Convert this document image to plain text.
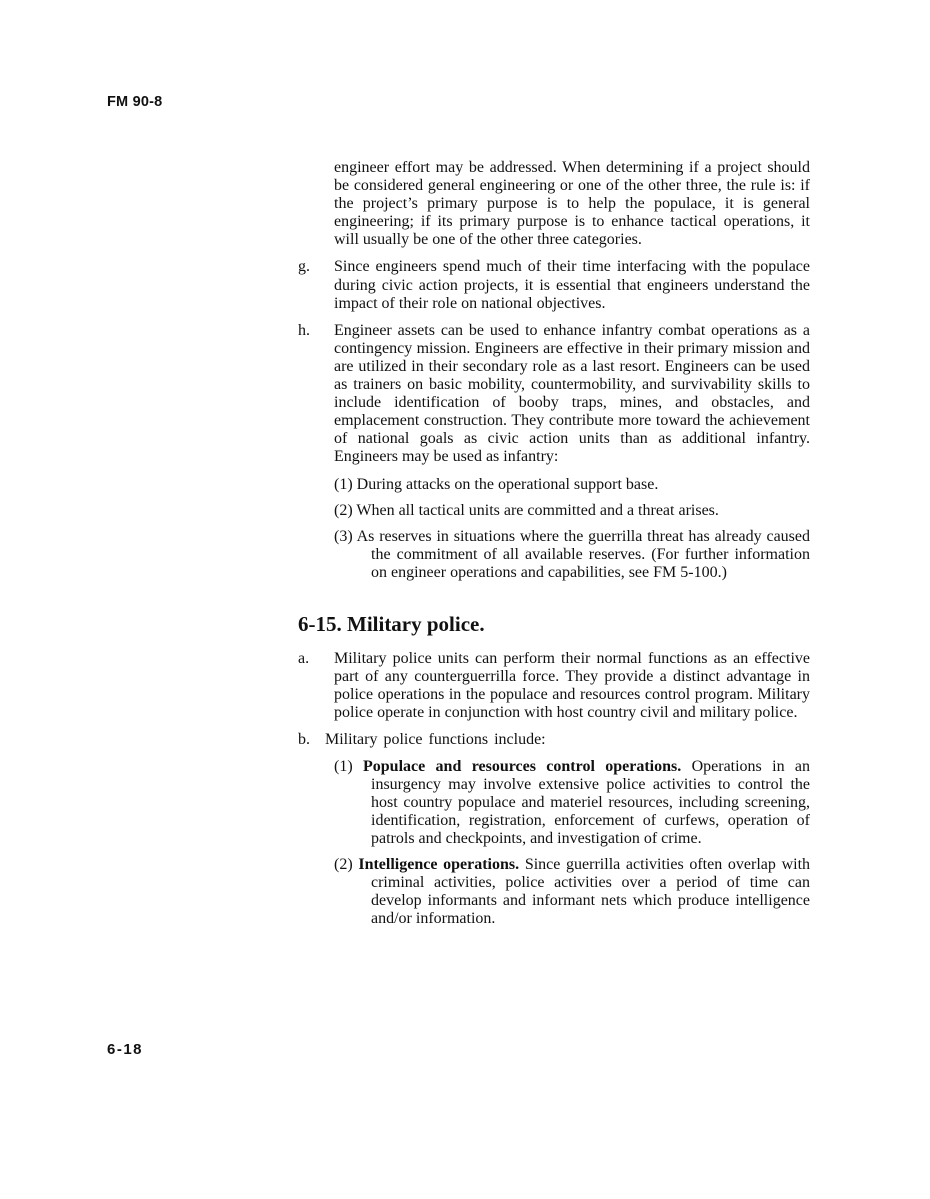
FM 90-8

engineer effort may be addressed. When determining if a project should be considered general engineering or one of the other three, the rule is: if the project’s primary purpose is to help the populace, it is general engineering; if its primary purpose is to enhance tactical operations, it will usually be one of the other three categories.

g. Since engineers spend much of their time interfacing with the populace during civic action projects, it is essential that engineers understand the impact of their role on national objectives.
h. Engineer assets can be used to enhance infantry combat operations as a contingency mission. Engineers are effective in their primary mission and are utilized in their secondary role as a last resort. Engineers can be used as trainers on basic mobility, countermobility, and survivability skills to include identification of booby traps, mines, and obstacles, and emplacement construction. They contribute more toward the achievement of national goals as civic action units than as additional infantry. Engineers may be used as infantry:
(1) During attacks on the operational support base.
(2) When all tactical units are committed and a threat arises.
(3) As reserves in situations where the guerrilla threat has already caused the commitment of all available reserves. (For further information on engineer operations and capabilities, see FM 5-100.)
6-15. Military police.
a. Military police units can perform their normal functions as an effective part of any counterguerrilla force. They provide a distinct advantage in police operations in the populace and resources control program. Military police operate in conjunction with host country civil and military police.
b. Military police functions include:
(1) Populace and resources control operations. Operations in an insurgency may involve extensive police activities to control the host country populace and materiel resources, including screening, identification, registration, enforcement of curfews, operation of patrols and checkpoints, and investigation of crime.
(2) Intelligence operations. Since guerrilla activities often overlap with criminal activities, police activities over a period of time can develop informants and informant nets which produce intelligence and/or information.
6-18
